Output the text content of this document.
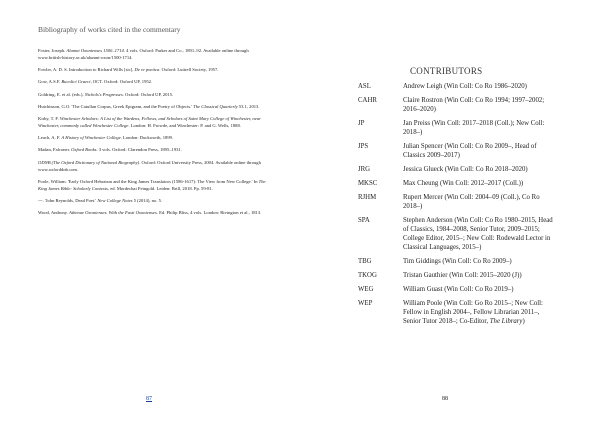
Bibliography of works cited in the commentary

Foster, Joseph. Alumni Oxonienses 1500–1714. 4 vols. Oxford: Parker and Co., 1891–92. Available online through www.british-history.ac.uk/alumni-oxon/1500-1714.

Fowler, A. D. S. Introduction to Richard Wills [sic], De re poetica. Oxford: Luttrell Society, 1957.

Gow, A.S.F. Bucolici Graeci, OCT. Oxford: Oxford UP, 1952.

Goldring, E. et al. (eds.), Nichols's Progresses. Oxford: Oxford UP, 2015.

Hutchinson, G.O. 'The Catullan Corpus, Greek Epigram, and the Poetry of Objects.' The Classical Quarterly 53.1, 2013.

Kirby, T. F. Winchester Scholars: A List of the Wardens, Fellows, and Scholars of Saint Mary College of Winchester, near Winchester, commonly called Winchester College. London: H. Frowde, and Winchester: P. and G. Wells, 1888.

Leach, A. F. A History of Winchester College. London: Duckworth, 1899.

Madan, Falconer. Oxford Books. 3 vols. Oxford: Clarendon Press, 1895–1931.

ODNB (The Oxford Dictionary of National Biography). Oxford: Oxford University Press, 2004. Available online through www.oxforddnb.com.

Poole, William. 'Early Oxford Hebraism and the King James Translators (1586-1617): The View from New College.' In The King James Bible: Scholarly Contexts, ed. Mordechai Feingold. Leiden: Brill, 2018. Pp. 59-81.

---. 'John Reynolds, Dead Poet.' New College Notes 5 (2014), no. 5.

Wood, Anthony. Athenae Oxonienses. With the Fasti Oxonienses. Ed. Philip Bliss, 4 vols. London: Rivington et al., 1813.

87
CONTRIBUTORS
ASL	Andrew Leigh (Win Coll: Co Ro 1986–2020)
CAHR	Claire Rostron (Win Coll: Co Ro 1994; 1997–2002; 2016–2020)
JP	Jan Preiss (Win Coll: 2017–2018 (Coll.); New Coll: 2018–)
JPS	Julian Spencer (Win Coll: Co Ro 2009–, Head of Classics 2009–2017)
JRG	Jessica Glueck (Win Coll: Co Ro 2018–2020)
MKSC	Max Cheung (Win Coll: 2012–2017 (Coll.))
RJHM	Rupert Mercer (Win Coll: 2004–09 (Coll.), Co Ro 2018–)
SPA	Stephen Anderson (Win Coll: Co Ro 1980–2015, Head of Classics, 1984–2008, Senior Tutor, 2009–2015; College Editor, 2015–; New Coll: Rodewald Lector in Classical Languages, 2015–)
TBG	Tim Giddings (Win Coll: Co Ro 2009–)
TKOG	Tristan Gauthier (Win Coll: 2015–2020 (J))
WEG	William Guast (Win Coll: Co Ro 2019–)
WEP	William Poole (Win Coll: Go Ro 2015–; New Coll: Fellow in English 2004–, Fellow Librarian 2011–, Senior Tutor 2018–; Co-Editor, The Library)
88
